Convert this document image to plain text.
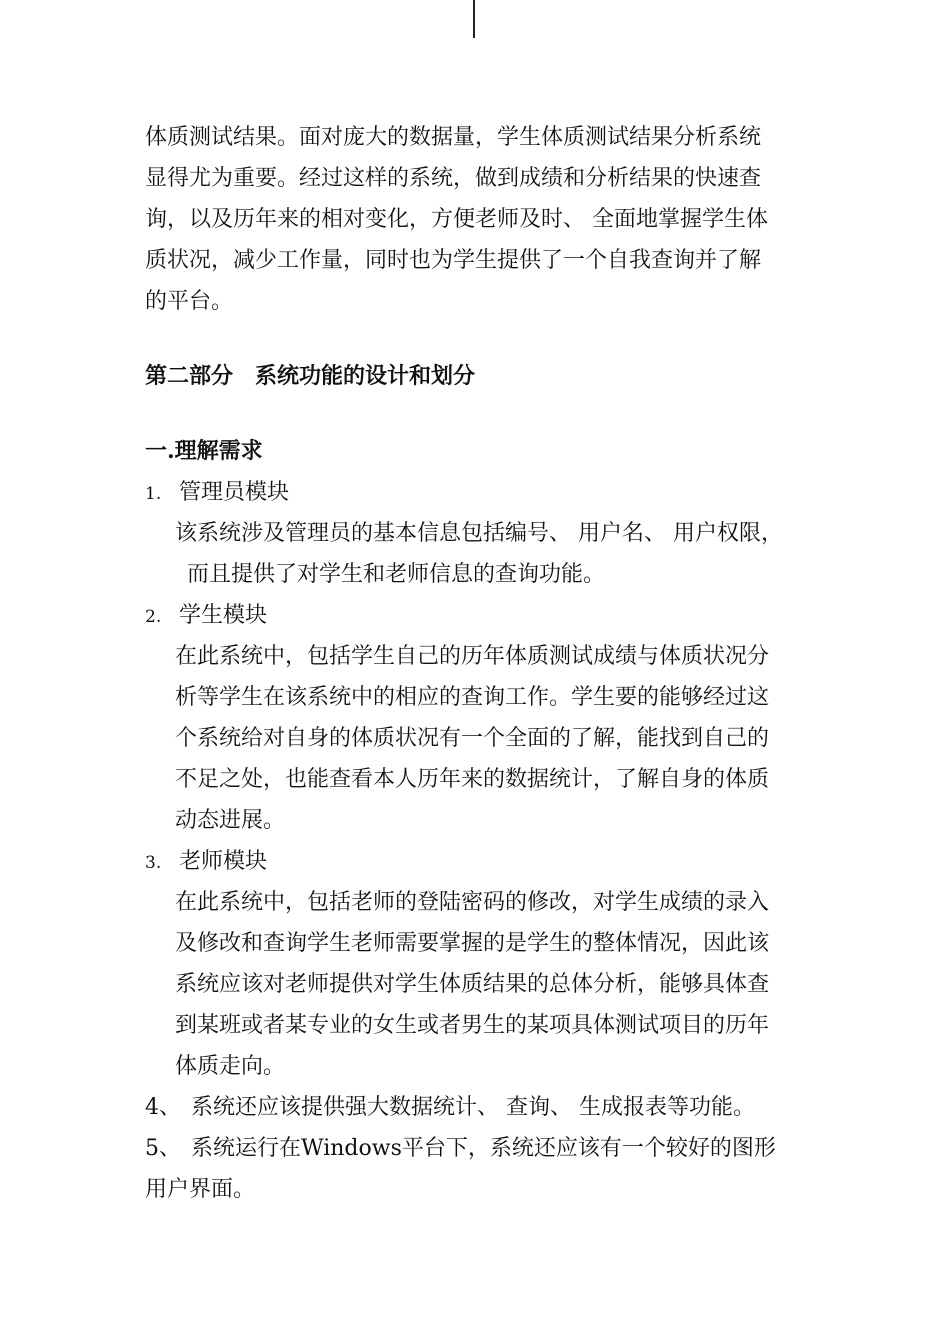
体质测试结果。面对庞大的数据量，学生体质测试结果分析系统

显得尤为重要。经过这样的系统，做到成绩和分析结果的快速查

询，以及历年来的相对变化，方便老师及时、 全面地掌握学生体

质状况，减少工作量，同时也为学生提供了一个自我查询并了解

的平台。

第二部分　系统功能的设计和划分

一.理解需求

1. 管理员模块

该系统涉及管理员的基本信息包括编号、 用户名、 用户权限，

而且提供了对学生和老师信息的查询功能。

2. 学生模块

在此系统中，包括学生自己的历年体质测试成绩与体质状况分

析等学生在该系统中的相应的查询工作。学生要的能够经过这

个系统给对自身的体质状况有一个全面的了解，能找到自己的

不足之处，也能查看本人历年来的数据统计，了解自身的体质

动态进展。

3. 老师模块

在此系统中，包括老师的登陆密码的修改，对学生成绩的录入

及修改和查询学生老师需要掌握的是学生的整体情况，因此该

系统应该对老师提供对学生体质结果的总体分析，能够具体查

到某班或者某专业的女生或者男生的某项具体测试项目的历年

体质走向。

4、 系统还应该提供强大数据统计、 查询、 生成报表等功能。

5、 系统运行在Windows平台下，系统还应该有一个较好的图形

用户界面。
